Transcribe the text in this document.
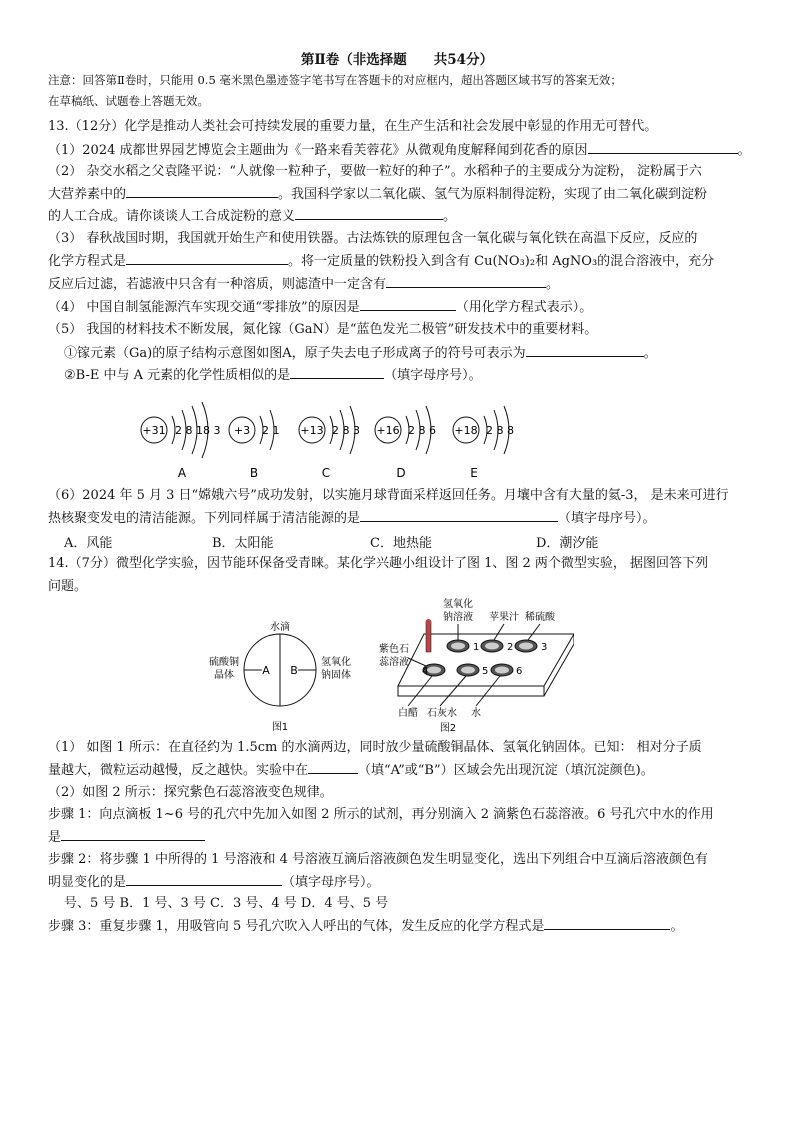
第Ⅱ卷（非选择题　　共54分）
注意：回答第Ⅱ卷时，只能用 0.5 毫米黑色墨迹签字笔书写在答题卡的对应框内，超出答题区域书写的答案无效；
在草稿纸、试题卷上答题无效。
13.（12分）化学是推动人类社会可持续发展的重要力量，在生产生活和社会发展中彰显的作用无可替代。
（1）2024 成都世界园艺博览会主题曲为《一路来看芙蓉花》从微观角度解释闻到花香的原因	。
（2） 杂交水稻之父袁隆平说：“人就像一粒种子，要做一粒好的种子”。水稻种子的主要成分为淀粉， 淀粉属于六
大营养素中的	。我国科学家以二氧化碳、氢气为原料制得淀粉，实现了由二氧化碳到淀粉
的人工合成。请你谈谈人工合成淀粉的意义	。
（3） 春秋战国时期，我国就开始生产和使用铁器。古法炼铁的原理包含一氧化碳与氧化铁在高温下反应，反应的
化学方程式是	。将一定质量的铁粉投入到含有 Cu(NO₃)₂和 AgNO₃的混合溶液中，充分
反应后过滤，若滤液中只含有一种溶质，则滤渣中一定含有	。
（4） 中国自制氢能源汽车实现交通“零排放”的原因是	（用化学方程式表示）。
（5） 我国的材料技术不断发展，氮化镓（GaN）是“蓝色发光二极管”研发技术中的重要材料。
①镓元素（Ga)的原子结构示意图如图A，原子失去电子形成离子的符号可表示为	。
②B-E 中与 A 元素的化学性质相似的是	（填字母序号）。
+31 2 8 18 3
A
+3 2 1
B
+13 2 8 3
C
+16 2 8 6
D
+18 2 8 8
E
（6）2024 年 5 月 3 日“嫦娥六号”成功发射，以实施月球背面采样返回任务。月壤中含有大量的氦-3， 是未来可进行
热核聚变发电的清洁能源。下列同样属于清洁能源的是	（填字母序号）。
A．风能	B．太阳能	C．地热能	D．潮汐能
14.（7分）微型化学实验，因节能环保备受青睐。某化学兴趣小组设计了图 1、图 2 两个微型实验， 据图回答下列
问题。
水滴
A B
硫酸铜
晶体
氢氧化
钠固体
图1
氢氧化
钠溶液 苹果汁 稀硫酸
紫色石
蕊溶液
1	2	3
4	5	6
白醋 石灰水 水
图2
（1） 如图 1 所示：在直径约为 1.5cm 的水滴两边，同时放少量硫酸铜晶体、氢氧化钠固体。已知： 相对分子质
量越大，微粒运动越慢，反之越快。实验中在	（填“A”或“B”）区域会先出现沉淀（填沉淀颜色)。
（2）如图 2 所示：探究紫色石蕊溶液变色规律。
步骤 1：向点滴板 1~6 号的孔穴中先加入如图 2 所示的试剂，再分别滴入 2 滴紫色石蕊溶液。6 号孔穴中水的作用
是
步骤 2：将步骤 1 中所得的 1 号溶液和 4 号溶液互滴后溶液颜色发生明显变化，选出下列组合中互滴后溶液颜色有
明显变化的是	（填字母序号）。
号、5 号 B．1 号、3 号 C．3 号、4 号 D．4 号、5 号
步骤 3：重复步骤 1，用吸管向 5 号孔穴吹入人呼出的气体，发生反应的化学方程式是	。
